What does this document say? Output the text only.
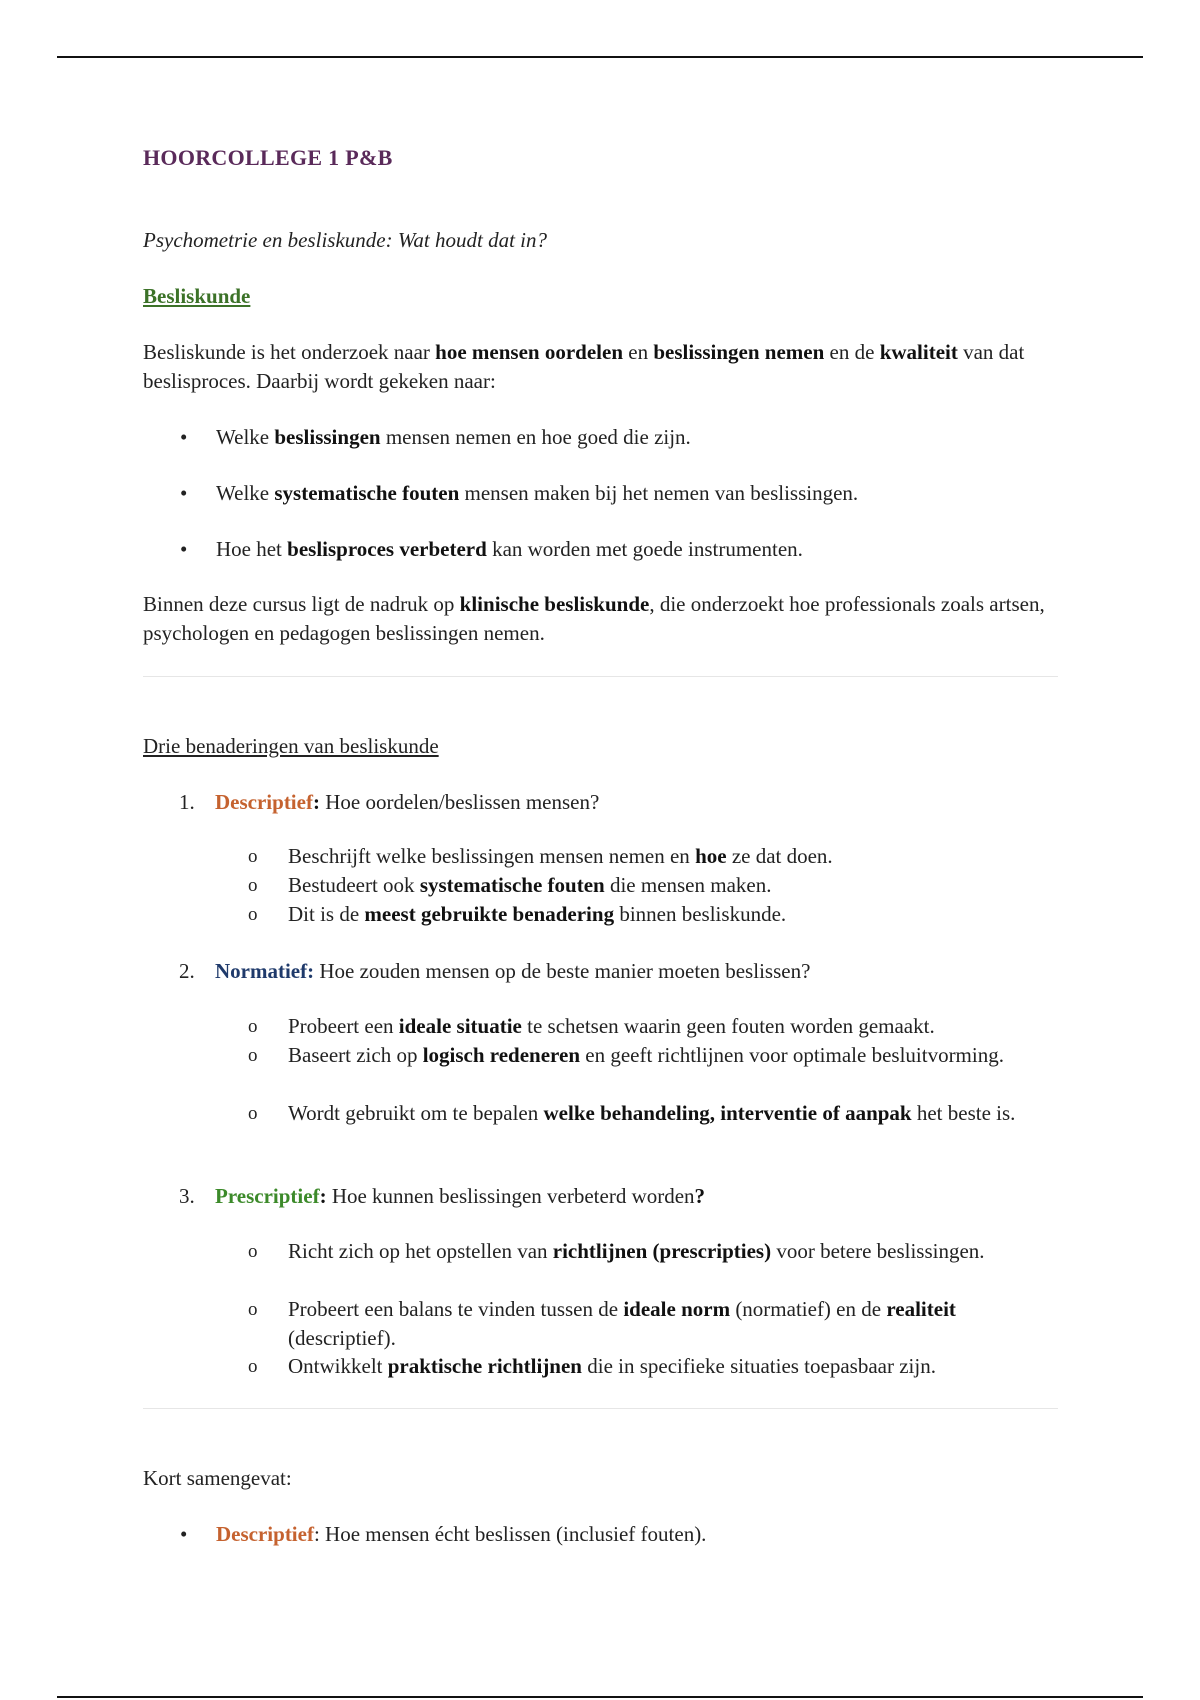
HOORCOLLEGE 1 P&B
Psychometrie en besliskunde: Wat houdt dat in?
Besliskunde
Besliskunde is het onderzoek naar hoe mensen oordelen en beslissingen nemen en de kwaliteit van dat beslisproces. Daarbij wordt gekeken naar:
• Welke beslissingen mensen nemen en hoe goed die zijn.
• Welke systematische fouten mensen maken bij het nemen van beslissingen.
• Hoe het beslisproces verbeterd kan worden met goede instrumenten.
Binnen deze cursus ligt de nadruk op klinische besliskunde, die onderzoekt hoe professionals zoals artsen, psychologen en pedagogen beslissingen nemen.
Drie benaderingen van besliskunde
1. Descriptief: Hoe oordelen/beslissen mensen?
o Beschrijft welke beslissingen mensen nemen en hoe ze dat doen.
o Bestudeert ook systematische fouten die mensen maken.
o Dit is de meest gebruikte benadering binnen besliskunde.
2. Normatief: Hoe zouden mensen op de beste manier moeten beslissen?
o Probeert een ideale situatie te schetsen waarin geen fouten worden gemaakt.
o Baseert zich op logisch redeneren en geeft richtlijnen voor optimale besluitvorming.
o Wordt gebruikt om te bepalen welke behandeling, interventie of aanpak het beste is.
3. Prescriptief: Hoe kunnen beslissingen verbeterd worden?
o Richt zich op het opstellen van richtlijnen (prescripties) voor betere beslissingen.
o Probeert een balans te vinden tussen de ideale norm (normatief) en de realiteit (descriptief).
o Ontwikkelt praktische richtlijnen die in specifieke situaties toepasbaar zijn.
Kort samengevat:
• Descriptief: Hoe mensen écht beslissen (inclusief fouten).
